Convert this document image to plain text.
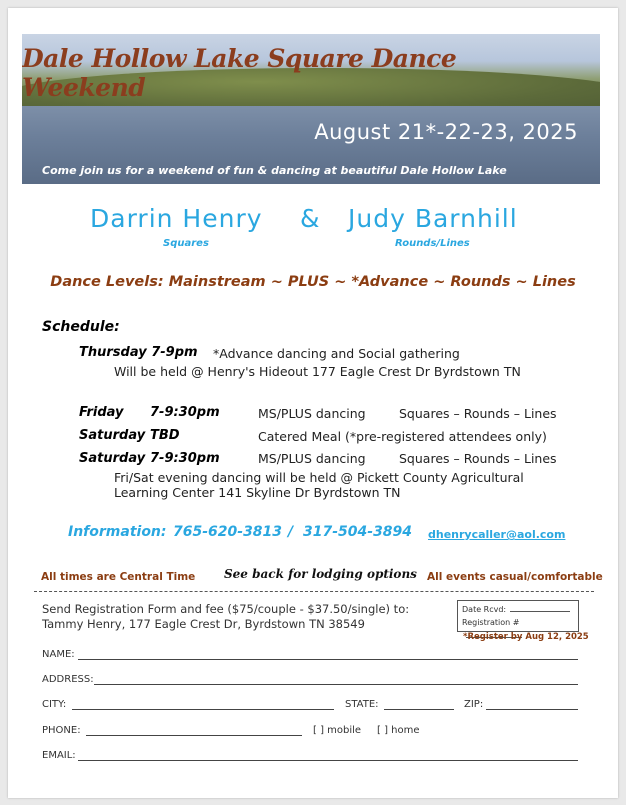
Dale Hollow Lake Square Dance Weekend
August 21*-22-23, 2025
Come join us for a weekend of fun & dancing at beautiful Dale Hollow Lake
Darrin Henry & Judy Barnhill
Squares	Rounds/Lines
Dance Levels: Mainstream ~ PLUS ~ *Advance ~ Rounds ~ Lines
Schedule:
Thursday 7-9pm *Advance dancing and Social gathering
Will be held @ Henry's Hideout 177 Eagle Crest Dr Byrdstown TN
Friday 7-9:30pm	MS/PLUS dancing	Squares – Rounds – Lines
Saturday TBD	Catered Meal (*pre-registered attendees only)
Saturday 7-9:30pm	MS/PLUS dancing	Squares – Rounds – Lines
Fri/Sat evening dancing will be held @ Pickett County Agricultural
Learning Center 141 Skyline Dr Byrdstown TN
Information: 765-620-3813 / 317-504-3894 dhenrycaller@aol.com
All times are Central Time See back for lodging options All events casual/comfortable
Send Registration Form and fee ($75/couple - $37.50/single) to:
Tammy Henry, 177 Eagle Crest Dr, Byrdstown TN 38549
Date Rcvd:
Registration #
*Register by Aug 12, 2025
NAME:
ADDRESS:
CITY:	STATE:	ZIP:
PHONE:	[ ] mobile [ ] home
EMAIL:
